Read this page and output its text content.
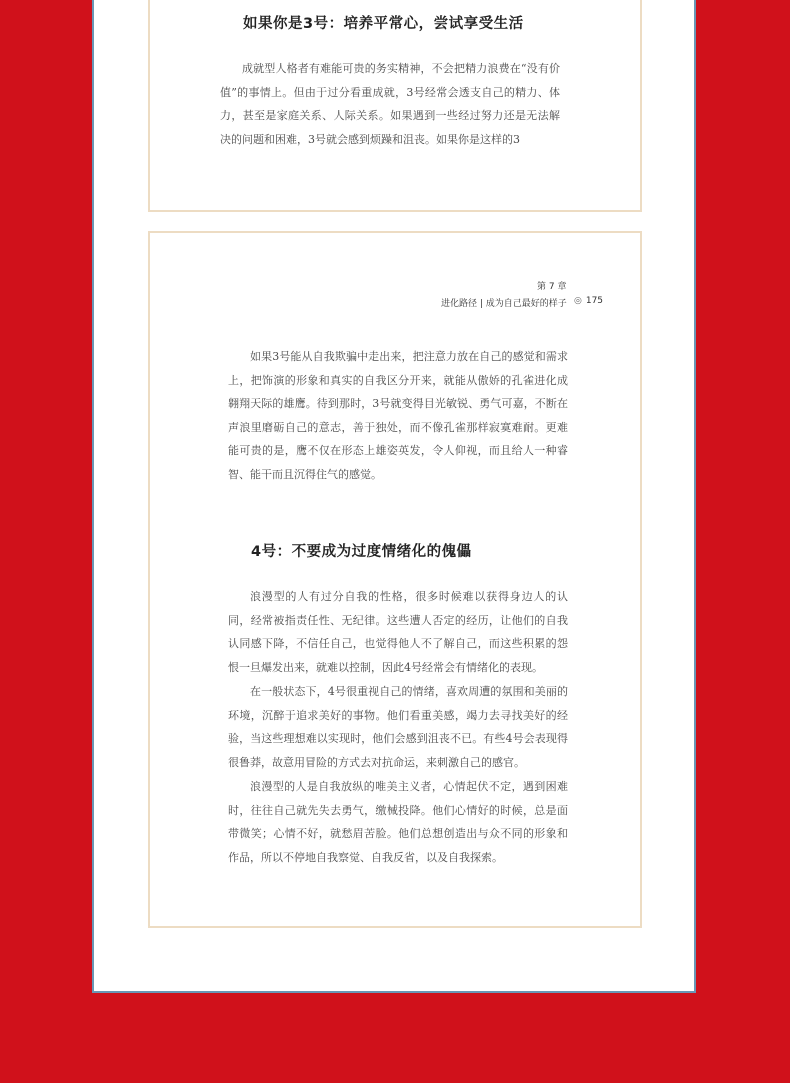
如果你是3号：培养平常心，尝试享受生活

成就型人格者有难能可贵的务实精神，不会把精力浪费在“没有价值”的事情上。但由于过分看重成就，3号经常会透支自己的精力、体力，甚至是家庭关系、人际关系。如果遇到一些经过努力还是无法解决的问题和困难，3号就会感到烦躁和沮丧。如果你是这样的3

第 7 章
进化路径 | 成为自己最好的样子 ◎ 175

如果3号能从自我欺骗中走出来，把注意力放在自己的感觉和需求上，把饰演的形象和真实的自我区分开来，就能从傲娇的孔雀进化成翱翔天际的雄鹰。待到那时，3号就变得目光敏锐、勇气可嘉，不断在声浪里磨砺自己的意志，善于独处，而不像孔雀那样寂寞难耐。更难能可贵的是，鹰不仅在形态上雄姿英发，令人仰视，而且给人一种睿智、能干而且沉得住气的感觉。

4号：不要成为过度情绪化的傀儡

浪漫型的人有过分自我的性格，很多时候难以获得身边人的认同，经常被指责任性、无纪律。这些遭人否定的经历，让他们的自我认同感下降，不信任自己，也觉得他人不了解自己，而这些积累的怨恨一旦爆发出来，就难以控制，因此4号经常会有情绪化的表现。

在一般状态下，4号很重视自己的情绪，喜欢周遭的氛围和美丽的环境，沉醉于追求美好的事物。他们看重美感，竭力去寻找美好的经验，当这些理想难以实现时，他们会感到沮丧不已。有些4号会表现得很鲁莽，故意用冒险的方式去对抗命运，来刺激自己的感官。

浪漫型的人是自我放纵的唯美主义者，心情起伏不定，遇到困难时，往往自己就先失去勇气，缴械投降。他们心情好的时候，总是面带微笑；心情不好，就愁眉苦脸。他们总想创造出与众不同的形象和作品，所以不停地自我察觉、自我反省，以及自我探索。
